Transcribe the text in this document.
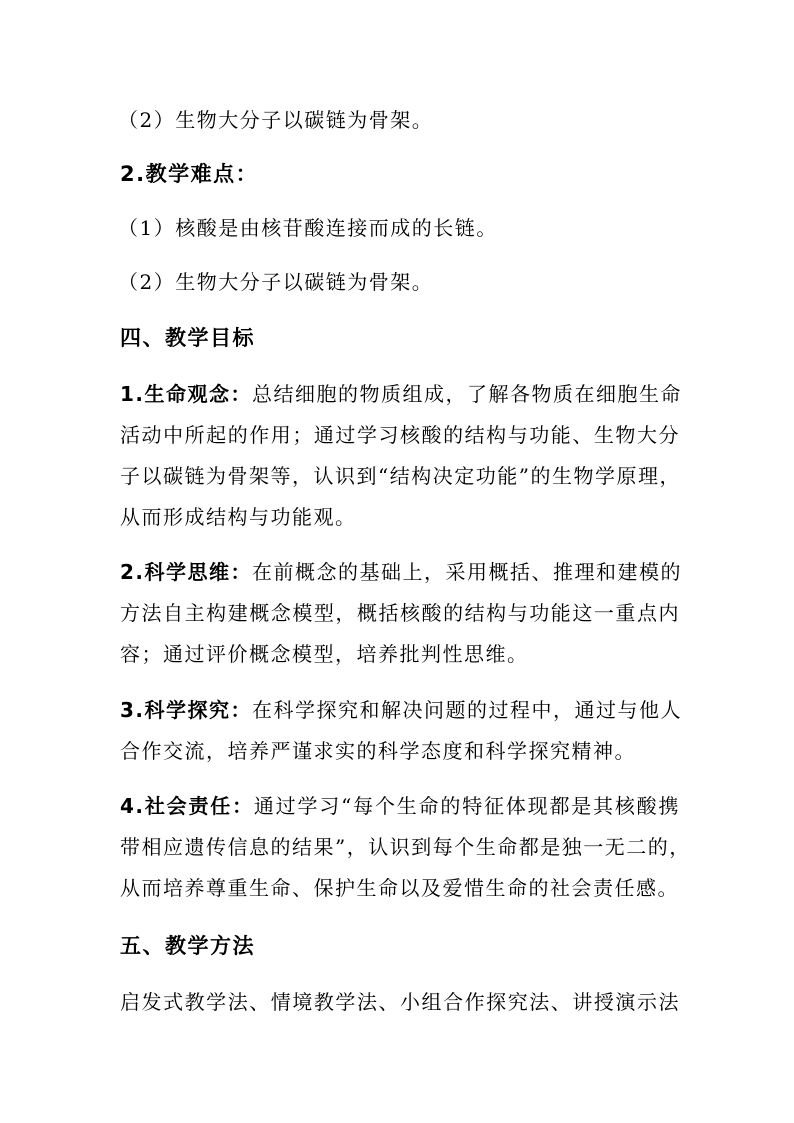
（2）生物大分子以碳链为骨架。
2.教学难点：
（1）核酸是由核苷酸连接而成的长链。
（2）生物大分子以碳链为骨架。
四、教学目标
1.生命观念：总结细胞的物质组成，了解各物质在细胞生命
活动中所起的作用；通过学习核酸的结构与功能、生物大分
子以碳链为骨架等，认识到“结构决定功能”的生物学原理，
从而形成结构与功能观。
2.科学思维：在前概念的基础上，采用概括、推理和建模的
方法自主构建概念模型，概括核酸的结构与功能这一重点内
容；通过评价概念模型，培养批判性思维。
3.科学探究：在科学探究和解决问题的过程中，通过与他人
合作交流，培养严谨求实的科学态度和科学探究精神。
4.社会责任：通过学习“每个生命的特征体现都是其核酸携
带相应遗传信息的结果”，认识到每个生命都是独一无二的，
从而培养尊重生命、保护生命以及爱惜生命的社会责任感。
五、教学方法
启发式教学法、情境教学法、小组合作探究法、讲授演示法
